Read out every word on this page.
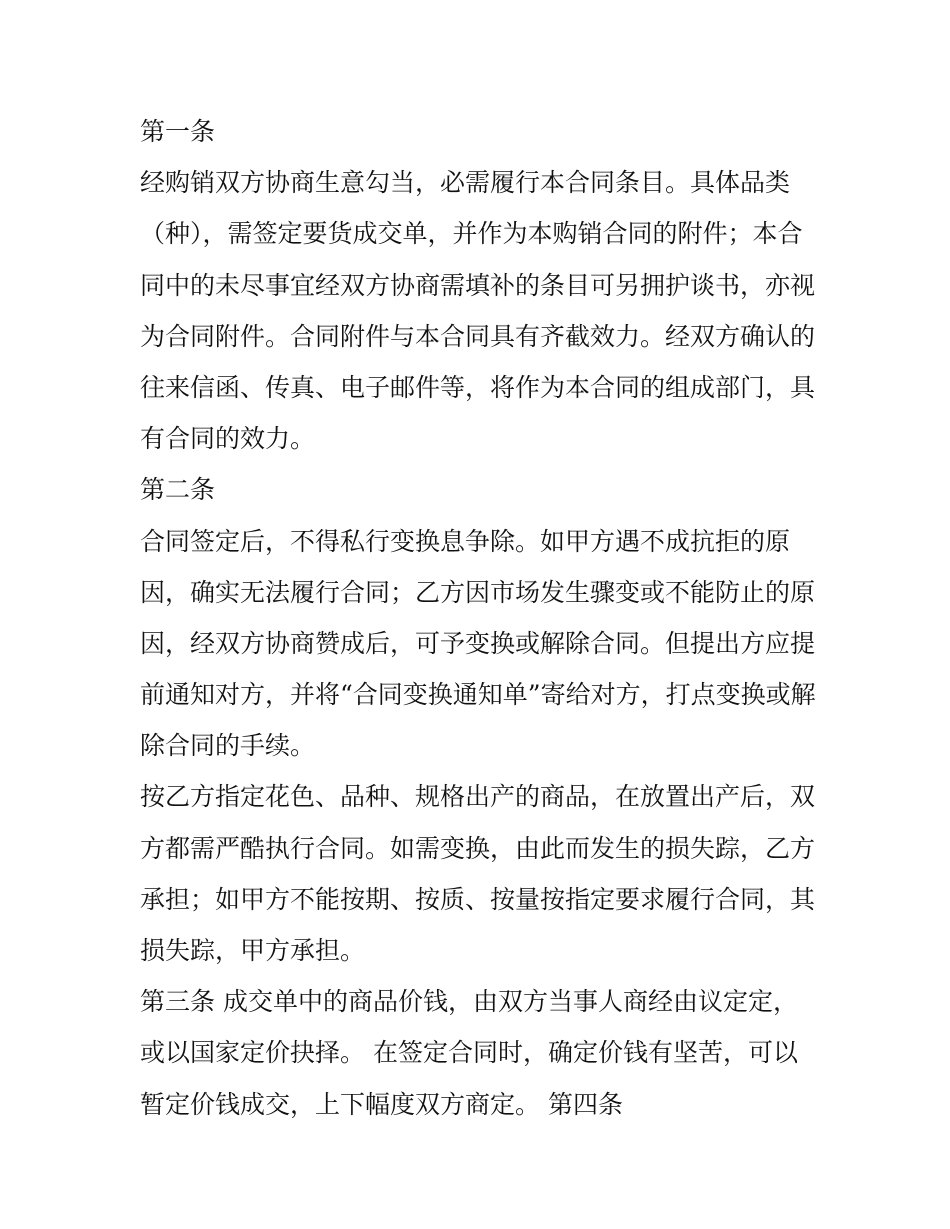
第一条
经购销双方协商生意勾当，必需履行本合同条目。具体品类
（种），需签定要货成交单，并作为本购销合同的附件；本合
同中的未尽事宜经双方协商需填补的条目可另拥护谈书，亦视
为合同附件。合同附件与本合同具有齐截效力。经双方确认的
往来信函、传真、电子邮件等，将作为本合同的组成部门，具
有合同的效力。
第二条
合同签定后，不得私行变换息争除。如甲方遇不成抗拒的原
因，确实无法履行合同；乙方因市场发生骤变或不能防止的原
因，经双方协商赞成后，可予变换或解除合同。但提出方应提
前通知对方，并将“合同变换通知单”寄给对方，打点变换或解
除合同的手续。
按乙方指定花色、品种、规格出产的商品，在放置出产后，双
方都需严酷执行合同。如需变换，由此而发生的损失踪，乙方
承担；如甲方不能按期、按质、按量按指定要求履行合同，其
损失踪，甲方承担。
第三条 成交单中的商品价钱，由双方当事人商经由议定定，
或以国家定价抉择。 在签定合同时，确定价钱有坚苦，可以
暂定价钱成交，上下幅度双方商定。 第四条
